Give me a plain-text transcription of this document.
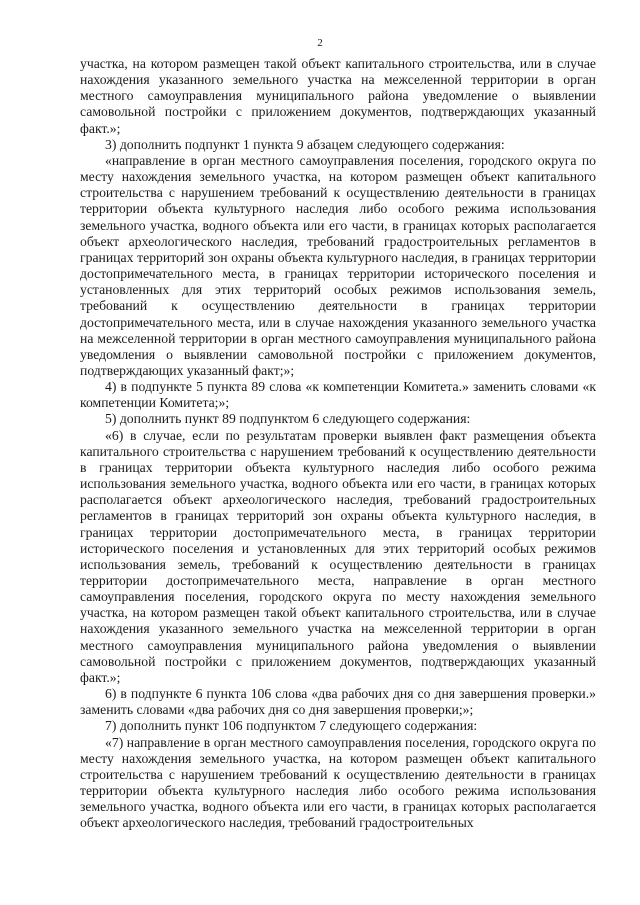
2

участка, на котором размещен такой объект капитального строительства, или в случае нахождения указанного земельного участка на межселенной территории в орган местного самоуправления муниципального района уведомление о выявлении самовольной постройки с приложением документов, подтверждающих указанный факт.»;

3) дополнить подпункт 1 пункта 9 абзацем следующего содержания:

«направление в орган местного самоуправления поселения, городского округа по месту нахождения земельного участка, на котором размещен объект капитального строительства с нарушением требований к осуществлению деятельности в границах территории объекта культурного наследия либо особого режима использования земельного участка, водного объекта или его части, в границах которых располагается объект археологического наследия, требований градостроительных регламентов в границах территорий зон охраны объекта культурного наследия, в границах территории достопримечательного места, в границах территории исторического поселения и установленных для этих территорий особых режимов использования земель, требований к осуществлению деятельности в границах территории достопримечательного места, или в случае нахождения указанного земельного участка на межселенной территории в орган местного самоуправления муниципального района уведомления о выявлении самовольной постройки с приложением документов, подтверждающих указанный факт;»;

4) в подпункте 5 пункта 89 слова «к компетенции Комитета.» заменить словами «к компетенции Комитета;»;

5) дополнить пункт 89 подпунктом 6 следующего содержания:

«6) в случае, если по результатам проверки выявлен факт размещения объекта капитального строительства с нарушением требований к осуществлению деятельности в границах территории объекта культурного наследия либо особого режима использования земельного участка, водного объекта или его части, в границах которых располагается объект археологического наследия, требований градостроительных регламентов в границах территорий зон охраны объекта культурного наследия, в границах территории достопримечательного места, в границах территории исторического поселения и установленных для этих территорий особых режимов использования земель, требований к осуществлению деятельности в границах территории достопримечательного места, направление в орган местного самоуправления поселения, городского округа по месту нахождения земельного участка, на котором размещен такой объект капитального строительства, или в случае нахождения указанного земельного участка на межселенной территории в орган местного самоуправления муниципального района уведомления о выявлении самовольной постройки с приложением документов, подтверждающих указанный факт.»;

6) в подпункте 6 пункта 106 слова «два рабочих дня со дня завершения проверки.» заменить словами «два рабочих дня со дня завершения проверки;»;

7) дополнить пункт 106 подпунктом 7 следующего содержания:

«7) направление в орган местного самоуправления поселения, городского округа по месту нахождения земельного участка, на котором размещен объект капитального строительства с нарушением требований к осуществлению деятельности в границах территории объекта культурного наследия либо особого режима использования земельного участка, водного объекта или его части, в границах которых располагается объект археологического наследия, требований градостроительных
